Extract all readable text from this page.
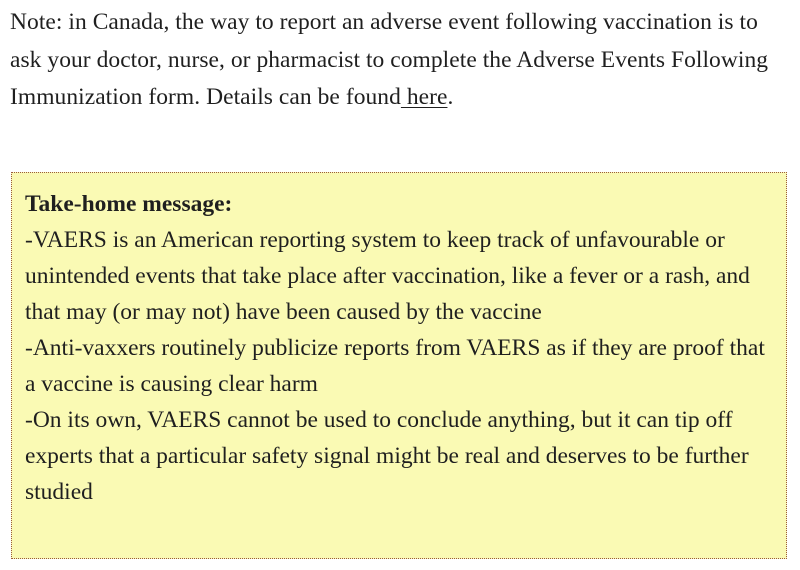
Note: in Canada, the way to report an adverse event following vaccination is to ask your doctor, nurse, or pharmacist to complete the Adverse Events Following Immunization form. Details can be found here.

Take-home message:

-VAERS is an American reporting system to keep track of unfavourable or unintended events that take place after vaccination, like a fever or a rash, and that may (or may not) have been caused by the vaccine

-Anti-vaxxers routinely publicize reports from VAERS as if they are proof that a vaccine is causing clear harm

-On its own, VAERS cannot be used to conclude anything, but it can tip off experts that a particular safety signal might be real and deserves to be further studied
